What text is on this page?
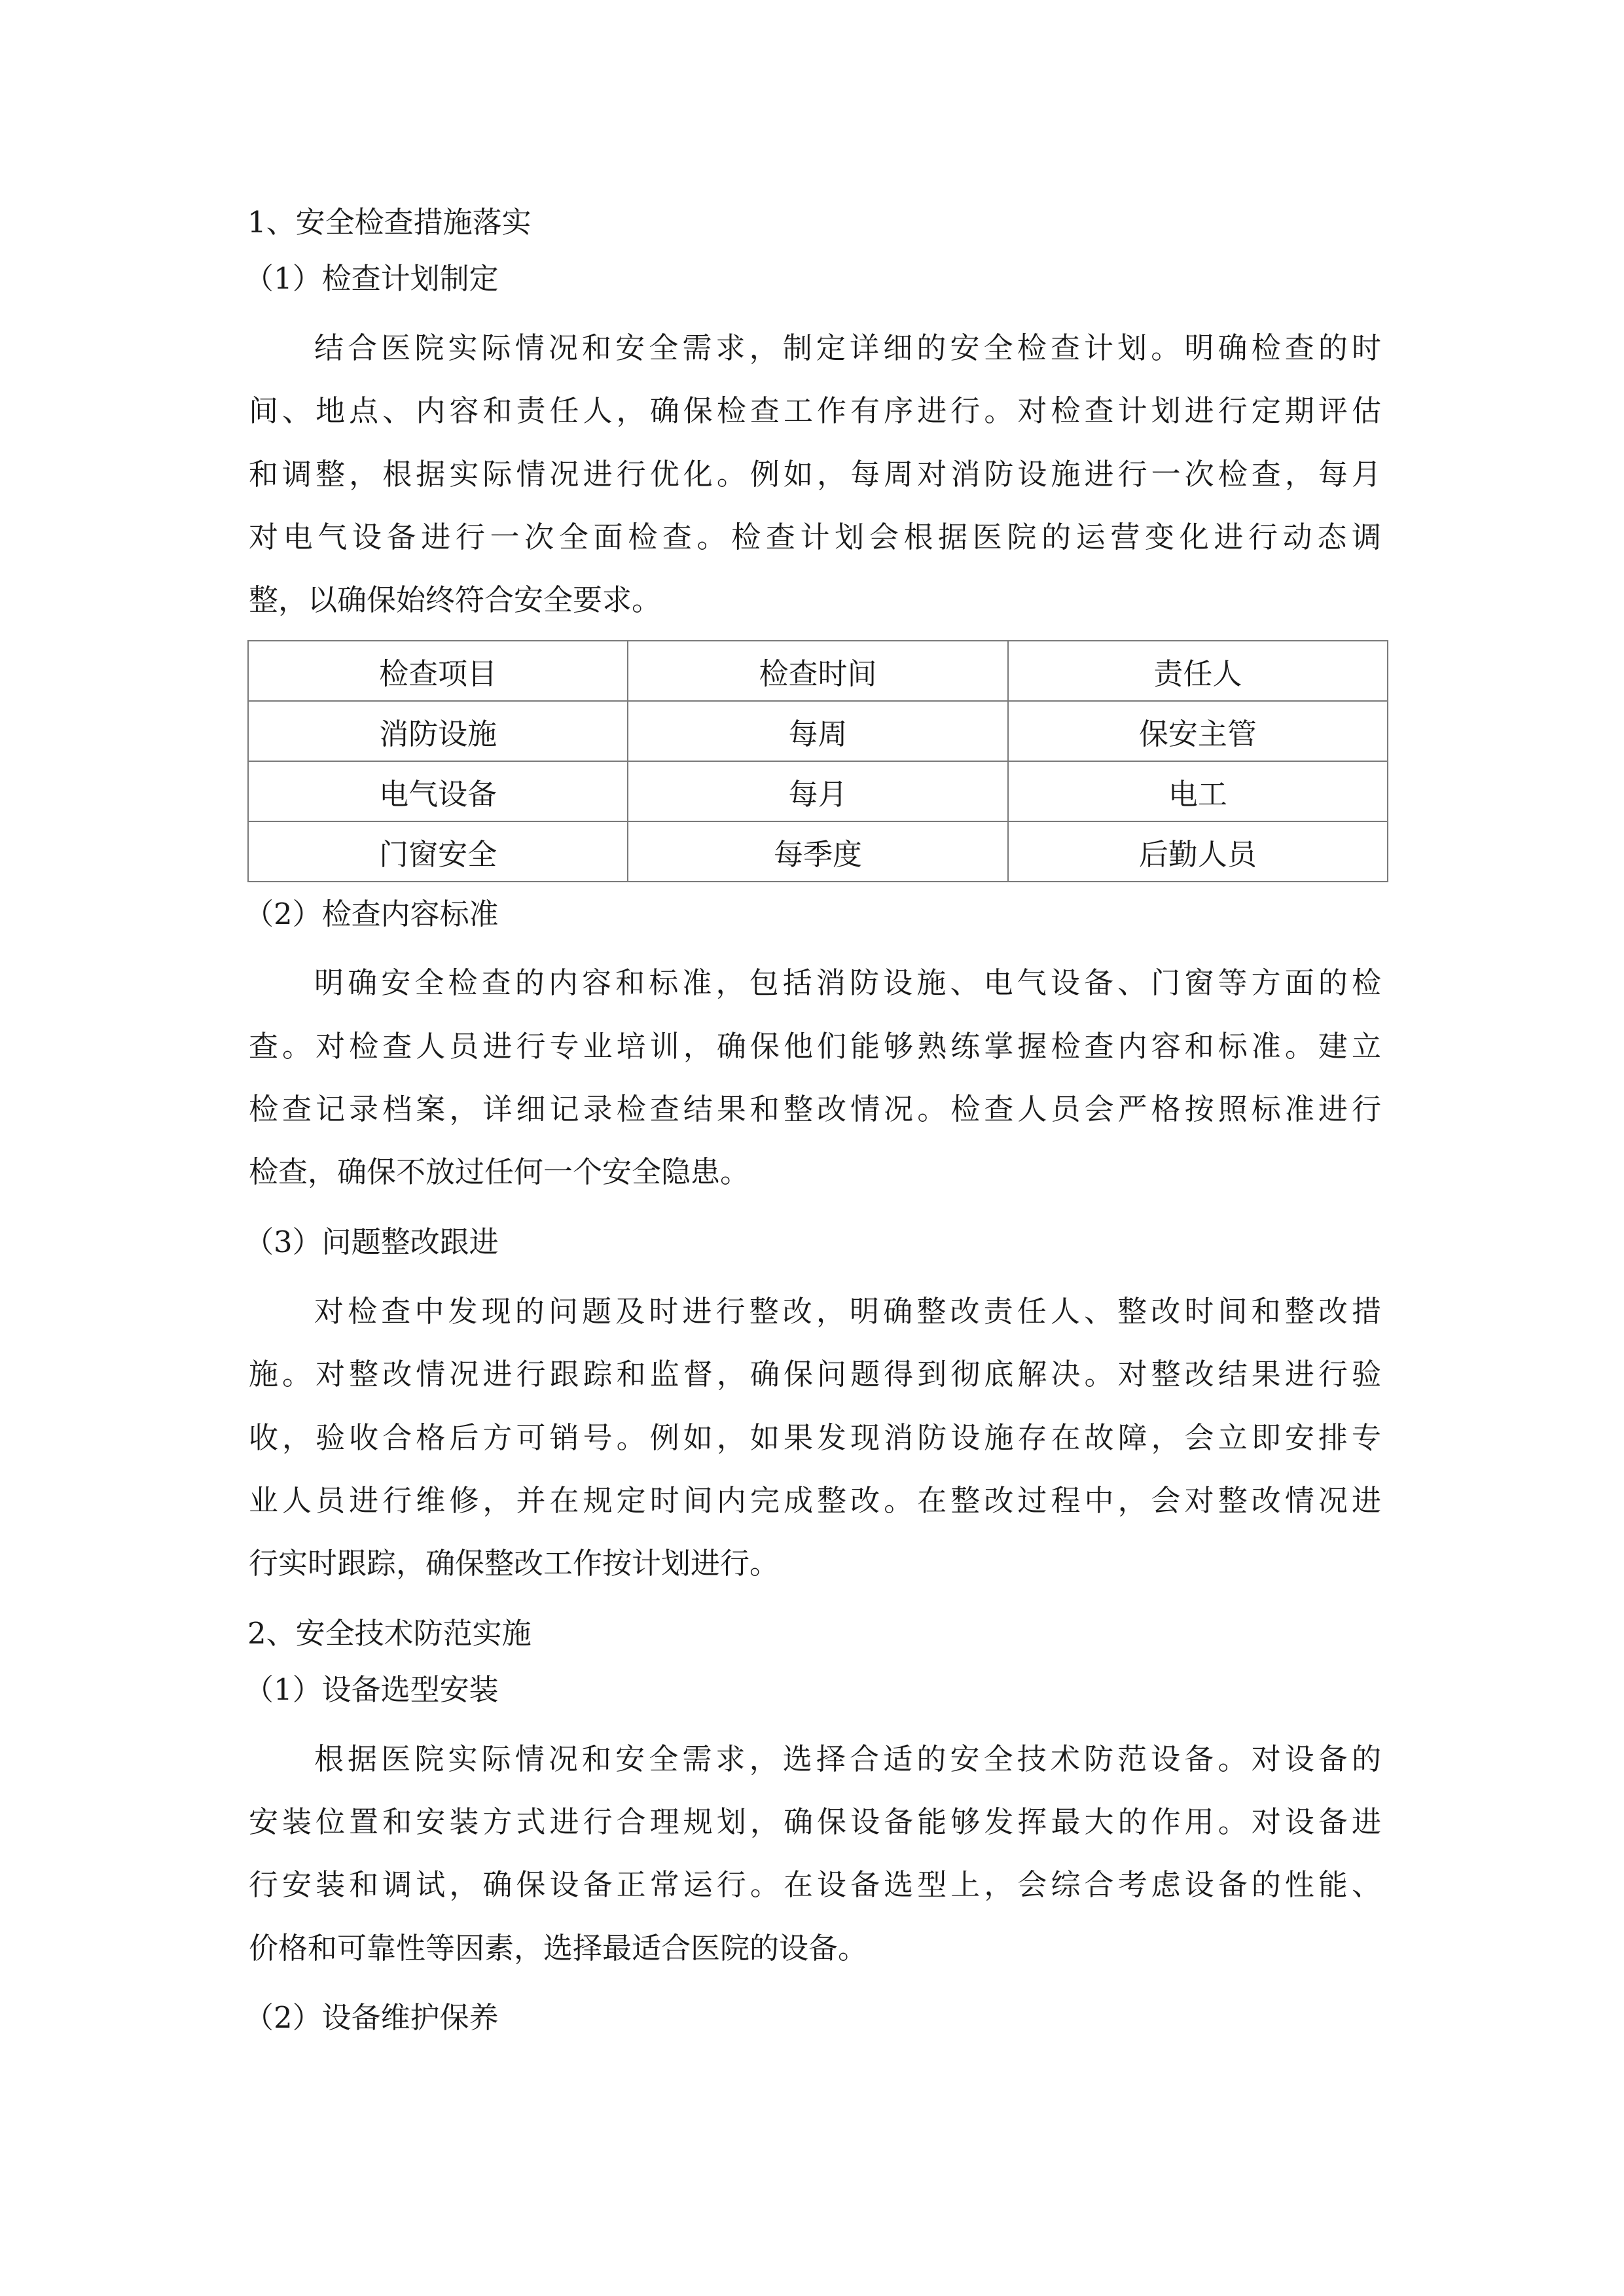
1、安全检查措施落实

（1）检查计划制定

结合医院实际情况和安全需求，制定详细的安全检查计划。明确检查的时

间、地点、内容和责任人，确保检查工作有序进行。对检查计划进行定期评估

和调整，根据实际情况进行优化。例如，每周对消防设施进行一次检查，每月

对电气设备进行一次全面检查。检查计划会根据医院的运营变化进行动态调

整，以确保始终符合安全要求。

检查项目	检查时间	责任人
消防设施	每周	保安主管
电气设备	每月	电工
门窗安全	每季度	后勤人员

（2）检查内容标准

明确安全检查的内容和标准，包括消防设施、电气设备、门窗等方面的检

查。对检查人员进行专业培训，确保他们能够熟练掌握检查内容和标准。建立

检查记录档案，详细记录检查结果和整改情况。检查人员会严格按照标准进行

检查，确保不放过任何一个安全隐患。

（3）问题整改跟进

对检查中发现的问题及时进行整改，明确整改责任人、整改时间和整改措

施。对整改情况进行跟踪和监督，确保问题得到彻底解决。对整改结果进行验

收，验收合格后方可销号。例如，如果发现消防设施存在故障，会立即安排专

业人员进行维修，并在规定时间内完成整改。在整改过程中，会对整改情况进

行实时跟踪，确保整改工作按计划进行。

2、安全技术防范实施

（1）设备选型安装

根据医院实际情况和安全需求，选择合适的安全技术防范设备。对设备的

安装位置和安装方式进行合理规划，确保设备能够发挥最大的作用。对设备进

行安装和调试，确保设备正常运行。在设备选型上，会综合考虑设备的性能、

价格和可靠性等因素，选择最适合医院的设备。

（2）设备维护保养
